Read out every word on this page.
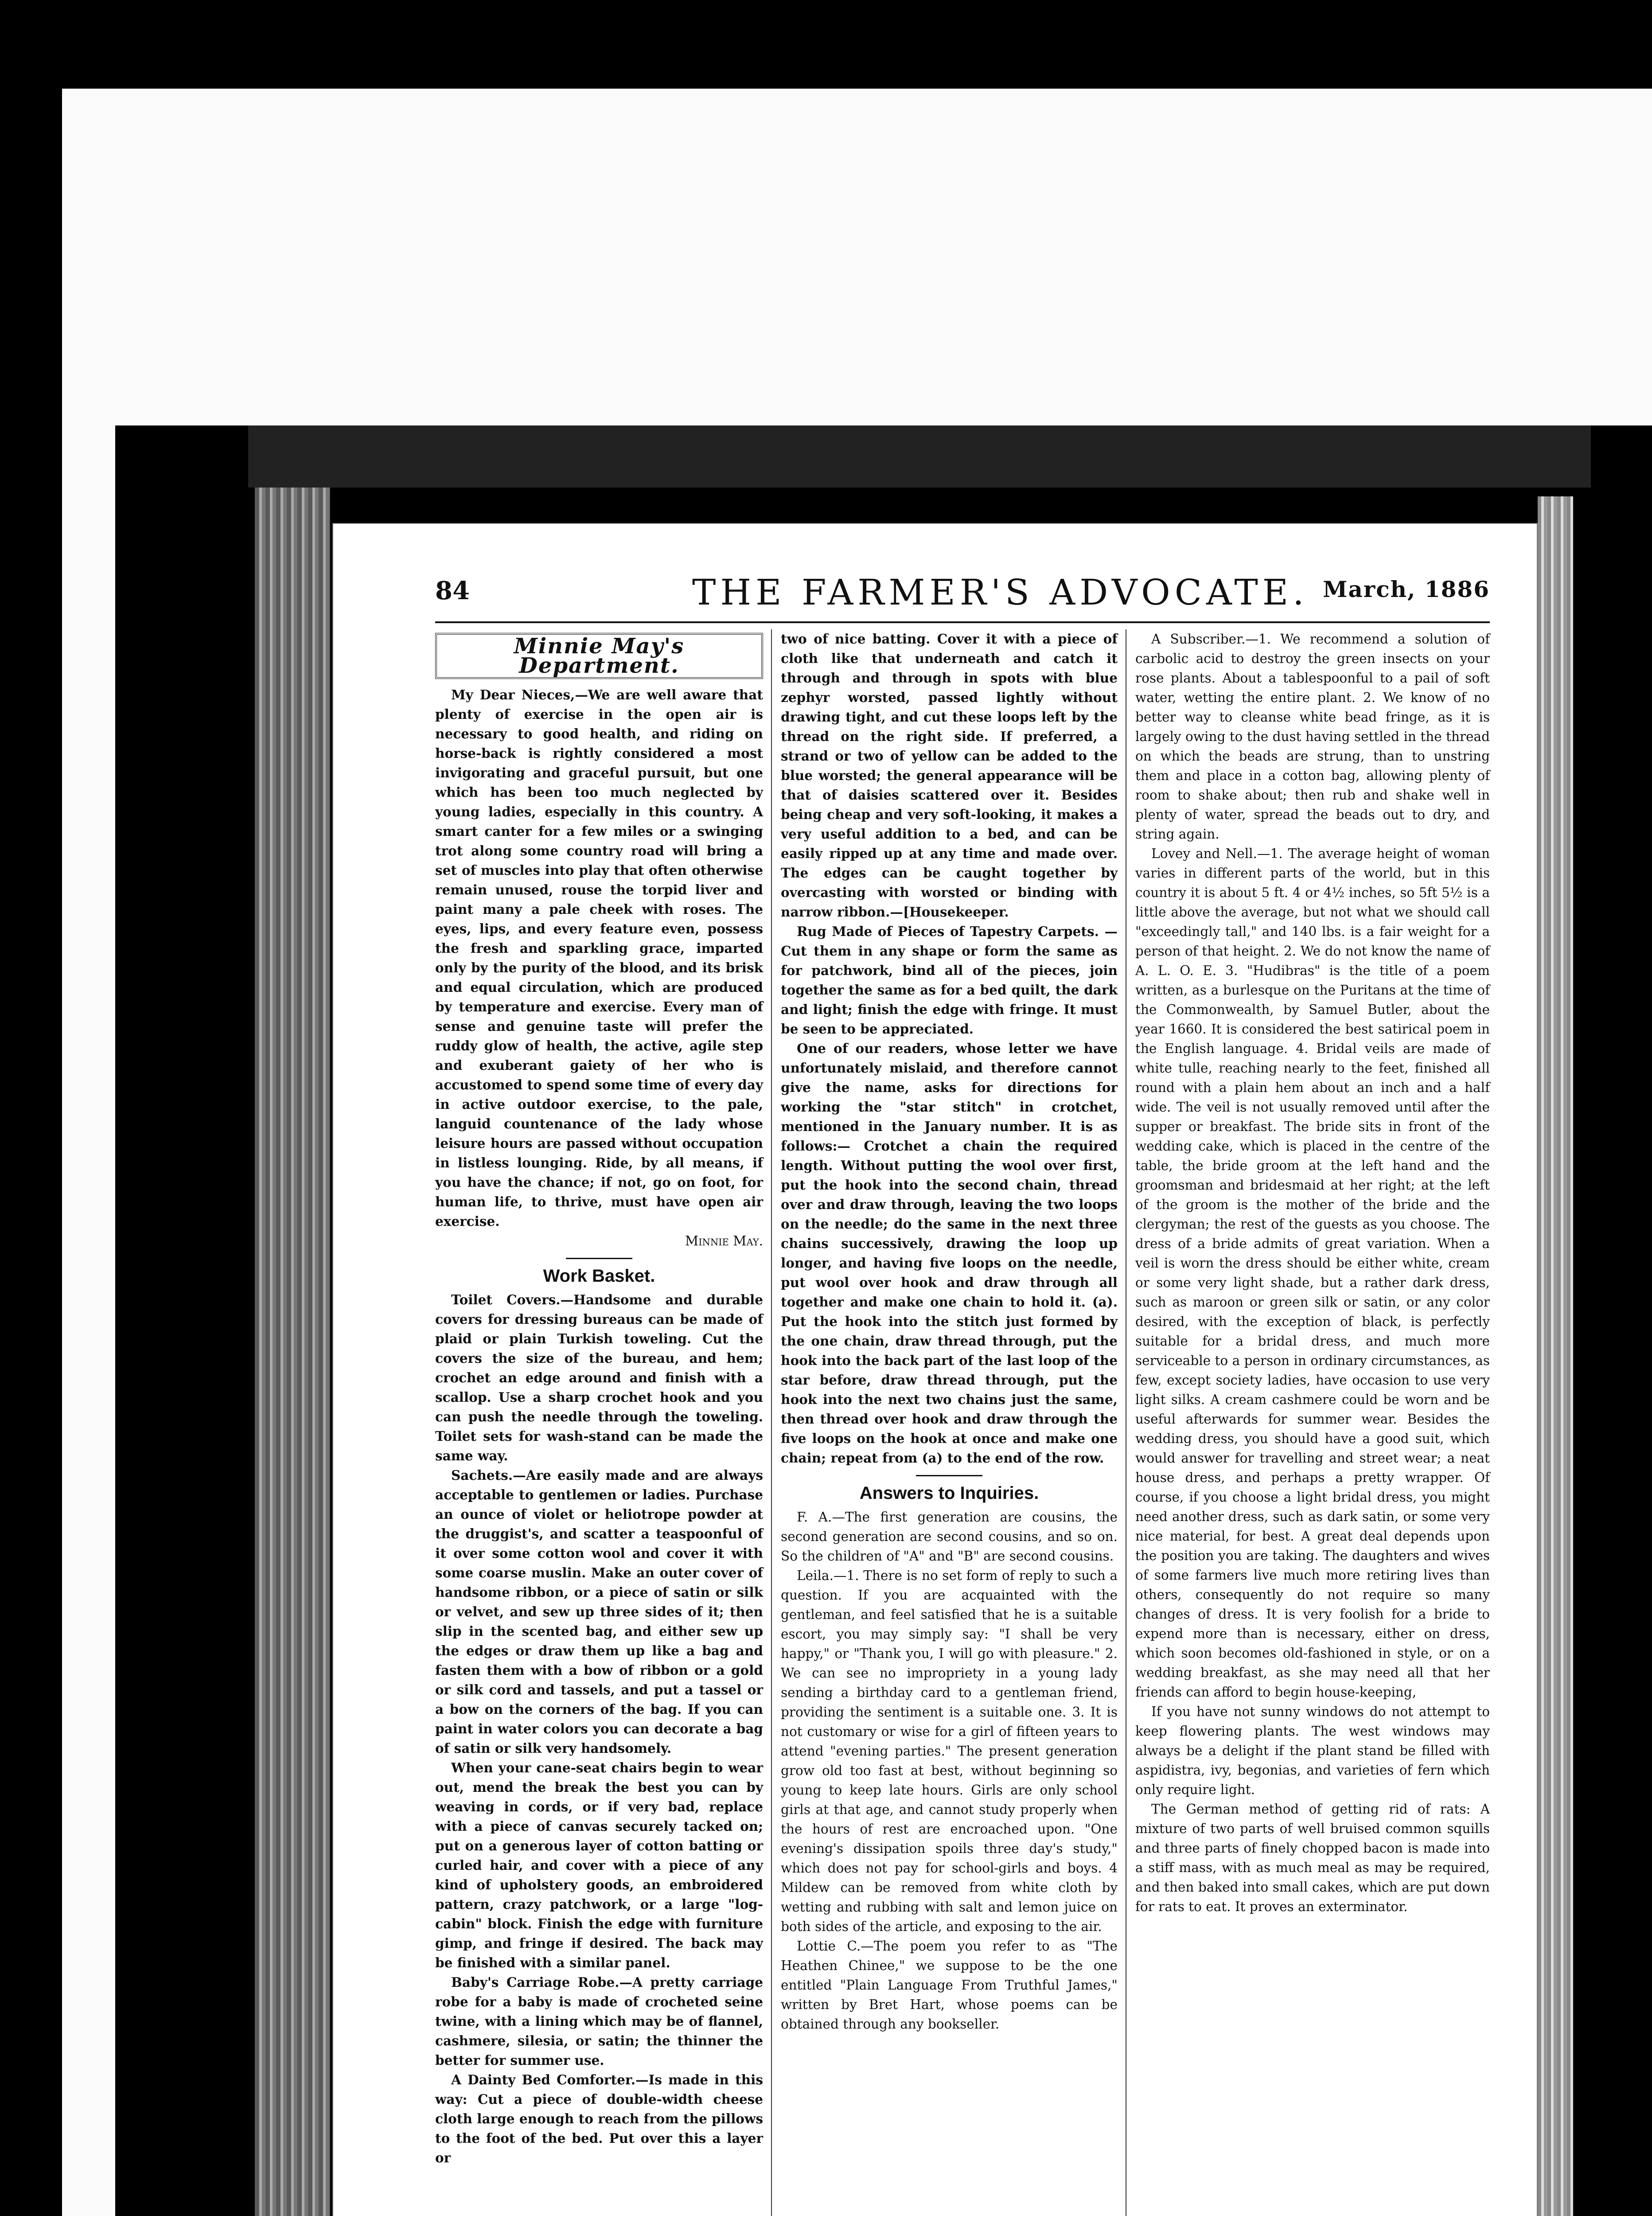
84	THE FARMER'S ADVOCATE. March, 1886
Minnie May's Department.

My Dear Nieces,—We are well aware that plenty of exercise in the open air is necessary to good health, and riding on horse-back is rightly considered a most invigorating and graceful pursuit, but one which has been too much neglected by young ladies, especially in this country. A smart canter for a few miles or a swinging trot along some country road will bring a set of muscles into play that often otherwise remain unused, rouse the torpid liver and paint many a pale cheek with roses. The eyes, lips, and every feature even, possess the fresh and sparkling grace, imparted only by the purity of the blood, and its brisk and equal circulation, which are produced by temperature and exercise. Every man of sense and genuine taste will prefer the ruddy glow of health, the active, agile step and exuberant gaiety of her who is accustomed to spend some time of every day in active outdoor exercise, to the pale, languid countenance of the lady whose leisure hours are passed without occupation in listless lounging. Ride, by all means, if you have the chance; if not, go on foot, for human life, to thrive, must have open air exercise.

Minnie May.
Work Basket.

Toilet Covers.—Handsome and durable covers for dressing bureaus can be made of plaid or plain Turkish toweling. Cut the covers the size of the bureau, and hem; crochet an edge around and finish with a scallop. Use a sharp crochet hook and you can push the needle through the toweling. Toilet sets for wash-stand can be made the same way.

Sachets.—Are easily made and are always acceptable to gentlemen or ladies. Purchase an ounce of violet or heliotrope powder at the druggist's, and scatter a teaspoonful of it over some cotton wool and cover it with some coarse muslin. Make an outer cover of handsome ribbon, or a piece of satin or silk or velvet, and sew up three sides of it; then slip in the scented bag, and either sew up the edges or draw them up like a bag and fasten them with a bow of ribbon or a gold or silk cord and tassels, and put a tassel or a bow on the corners of the bag. If you can paint in water colors you can decorate a bag of satin or silk very handsomely.

When your cane-seat chairs begin to wear out, mend the break the best you can by weaving in cords, or if very bad, replace with a piece of canvas securely tacked on; put on a generous layer of cotton batting or curled hair, and cover with a piece of any kind of upholstery goods, an embroidered pattern, crazy patchwork, or a large "log-cabin" block. Finish the edge with furniture gimp, and fringe if desired. The back may be finished with a similar panel.

Baby's Carriage Robe.—A pretty carriage robe for a baby is made of crocheted seine twine, with a lining which may be of flannel, cashmere, silesia, or satin; the thinner the better for summer use.

A Dainty Bed Comforter.—Is made in this way: Cut a piece of double-width cheese cloth large enough to reach from the pillows to the foot of the bed. Put over this a layer or

two of nice batting. Cover it with a piece of cloth like that underneath and catch it through and through in spots with blue zephyr worsted, passed lightly without drawing tight, and cut these loops left by the thread on the right side. If preferred, a strand or two of yellow can be added to the blue worsted; the general appearance will be that of daisies scattered over it. Besides being cheap and very soft-looking, it makes a very useful addition to a bed, and can be easily ripped up at any time and made over. The edges can be caught together by overcasting with worsted or binding with narrow ribbon.—[Housekeeper.

Rug Made of Pieces of Tapestry Carpets. —Cut them in any shape or form the same as for patchwork, bind all of the pieces, join together the same as for a bed quilt, the dark and light; finish the edge with fringe. It must be seen to be appreciated.

One of our readers, whose letter we have unfortunately mislaid, and therefore cannot give the name, asks for directions for working the "star stitch" in crotchet, mentioned in the January number. It is as follows:— Crotchet a chain the required length. Without putting the wool over first, put the hook into the second chain, thread over and draw through, leaving the two loops on the needle; do the same in the next three chains successively, drawing the loop up longer, and having five loops on the needle, put wool over hook and draw through all together and make one chain to hold it. (a). Put the hook into the stitch just formed by the one chain, draw thread through, put the hook into the back part of the last loop of the star before, draw thread through, put the hook into the next two chains just the same, then thread over hook and draw through the five loops on the hook at once and make one chain; repeat from (a) to the end of the row.

Answers to Inquiries.

F. A.—The first generation are cousins, the second generation are second cousins, and so on. So the children of "A" and "B" are second cousins.

Leila.—1. There is no set form of reply to such a question. If you are acquainted with the gentleman, and feel satisfied that he is a suitable escort, you may simply say: "I shall be very happy," or "Thank you, I will go with pleasure." 2. We can see no impropriety in a young lady sending a birthday card to a gentleman friend, providing the sentiment is a suitable one. 3. It is not customary or wise for a girl of fifteen years to attend "evening parties." The present generation grow old too fast at best, without beginning so young to keep late hours. Girls are only school girls at that age, and cannot study properly when the hours of rest are encroached upon. "One evening's dissipation spoils three day's study," which does not pay for school-girls and boys. 4 Mildew can be removed from white cloth by wetting and rubbing with salt and lemon juice on both sides of the article, and exposing to the air.

Lottie C.—The poem you refer to as "The Heathen Chinee," we suppose to be the one entitled "Plain Language From Truthful James," written by Bret Hart, whose poems can be obtained through any bookseller.

A Subscriber.—1. We recommend a solution of carbolic acid to destroy the green insects on your rose plants. About a tablespoonful to a pail of soft water, wetting the entire plant. 2. We know of no better way to cleanse white bead fringe, as it is largely owing to the dust having settled in the thread on which the beads are strung, than to unstring them and place in a cotton bag, allowing plenty of room to shake about; then rub and shake well in plenty of water, spread the beads out to dry, and string again.

Lovey and Nell.—1. The average height of woman varies in different parts of the world, but in this country it is about 5 ft. 4 or 4½ inches, so 5ft 5½ is a little above the average, but not what we should call "exceedingly tall," and 140 lbs. is a fair weight for a person of that height. 2. We do not know the name of A. L. O. E. 3. "Hudibras" is the title of a poem written, as a burlesque on the Puritans at the time of the Commonwealth, by Samuel Butler, about the year 1660. It is considered the best satirical poem in the English language. 4. Bridal veils are made of white tulle, reaching nearly to the feet, finished all round with a plain hem about an inch and a half wide. The veil is not usually removed until after the supper or breakfast. The bride sits in front of the wedding cake, which is placed in the centre of the table, the bride groom at the left hand and the groomsman and bridesmaid at her right; at the left of the groom is the mother of the bride and the clergyman; the rest of the guests as you choose. The dress of a bride admits of great variation. When a veil is worn the dress should be either white, cream or some very light shade, but a rather dark dress, such as maroon or green silk or satin, or any color desired, with the exception of black, is perfectly suitable for a bridal dress, and much more serviceable to a person in ordinary circumstances, as few, except society ladies, have occasion to use very light silks. A cream cashmere could be worn and be useful afterwards for summer wear. Besides the wedding dress, you should have a good suit, which would answer for travelling and street wear; a neat house dress, and perhaps a pretty wrapper. Of course, if you choose a light bridal dress, you might need another dress, such as dark satin, or some very nice material, for best. A great deal depends upon the position you are taking. The daughters and wives of some farmers live much more retiring lives than others, consequently do not require so many changes of dress. It is very foolish for a bride to expend more than is necessary, either on dress, which soon becomes old-fashioned in style, or on a wedding breakfast, as she may need all that her friends can afford to begin house-keeping,

If you have not sunny windows do not attempt to keep flowering plants. The west windows may always be a delight if the plant stand be filled with aspidistra, ivy, begonias, and varieties of fern which only require light.

The German method of getting rid of rats: A mixture of two parts of well bruised common squills and three parts of finely chopped bacon is made into a stiff mass, with as much meal as may be required, and then baked into small cakes, which are put down for rats to eat. It proves an exterminator.
